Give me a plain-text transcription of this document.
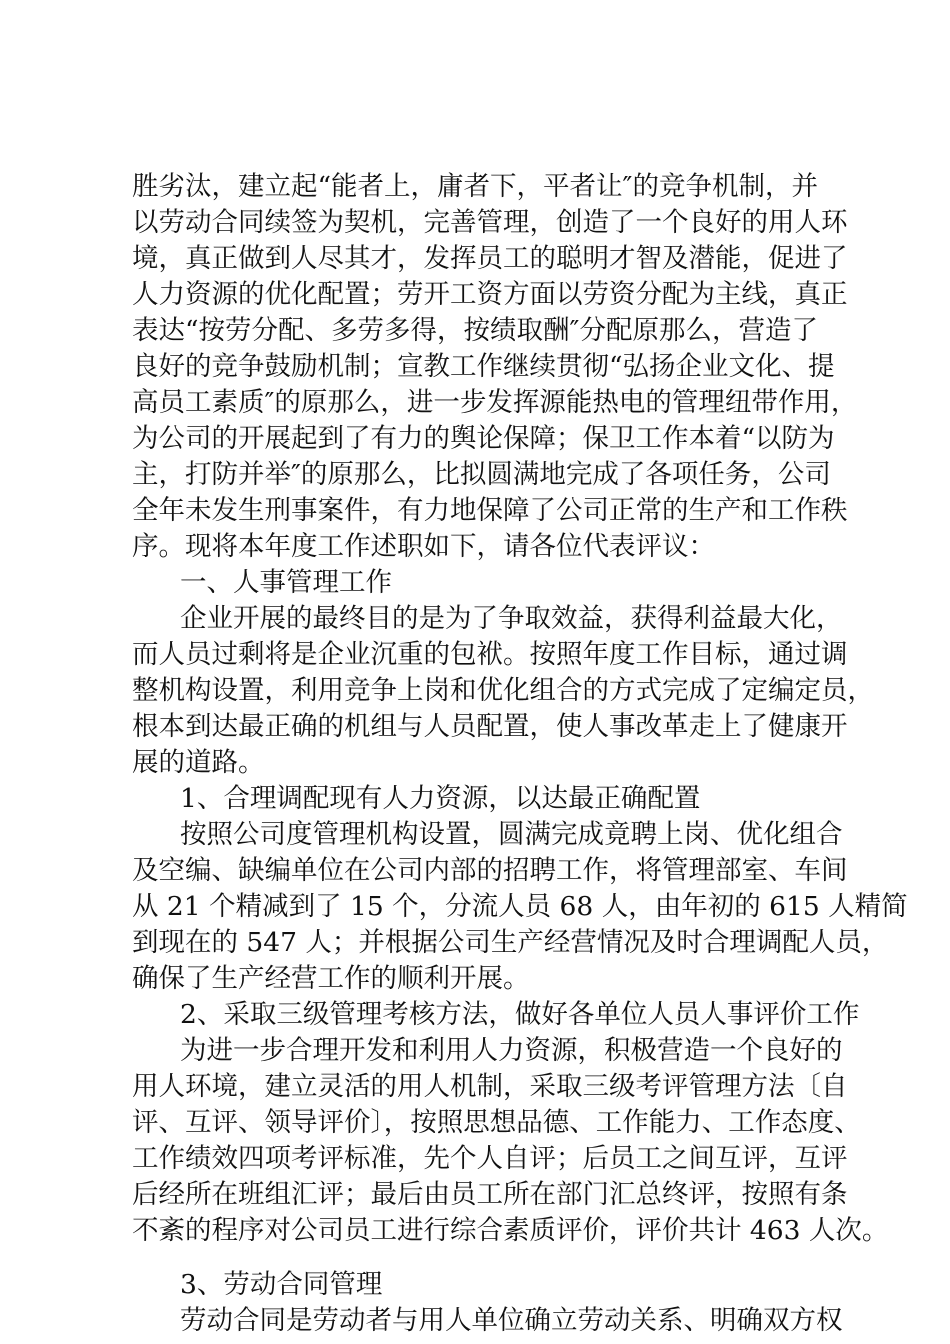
胜劣汰，建立起“能者上，庸者下，平者让″的竞争机制，并
以劳动合同续签为契机，完善管理，创造了一个良好的用人环
境，真正做到人尽其才，发挥员工的聪明才智及潜能，促进了
人力资源的优化配置；劳开工资方面以劳资分配为主线，真正
表达“按劳分配、多劳多得，按绩取酬″分配原那么，营造了
良好的竞争鼓励机制；宣教工作继续贯彻“弘扬企业文化、提
高员工素质″的原那么，进一步发挥源能热电的管理纽带作用，
为公司的开展起到了有力的舆论保障；保卫工作本着“以防为
主，打防并举″的原那么，比拟圆满地完成了各项任务，公司
全年未发生刑事案件，有力地保障了公司正常的生产和工作秩
序。现将本年度工作述职如下，请各位代表评议：
一、人事管理工作
企业开展的最终目的是为了争取效益，获得利益最大化，
而人员过剩将是企业沉重的包袱。按照年度工作目标，通过调
整机构设置，利用竞争上岗和优化组合的方式完成了定编定员，
根本到达最正确的机组与人员配置，使人事改革走上了健康开
展的道路。
1、合理调配现有人力资源，以达最正确配置
按照公司度管理机构设置，圆满完成竟聘上岗、优化组合
及空编、缺编单位在公司内部的招聘工作，将管理部室、车间
从 21 个精减到了 15 个，分流人员 68 人，由年初的 615 人精简
到现在的 547 人；并根据公司生产经营情况及时合理调配人员，
确保了生产经营工作的顺利开展。
2、采取三级管理考核方法，做好各单位人员人事评价工作
为进一步合理开发和利用人力资源，积极营造一个良好的
用人环境，建立灵活的用人机制，采取三级考评管理方法〔自
评、互评、领导评价〕，按照思想品德、工作能力、工作态度、
工作绩效四项考评标准，先个人自评；后员工之间互评，互评
后经所在班组汇评；最后由员工所在部门汇总终评，按照有条
不紊的程序对公司员工进行综合素质评价，评价共计 463 人次。
3、劳动合同管理
劳动合同是劳动者与用人单位确立劳动关系、明确双方权
